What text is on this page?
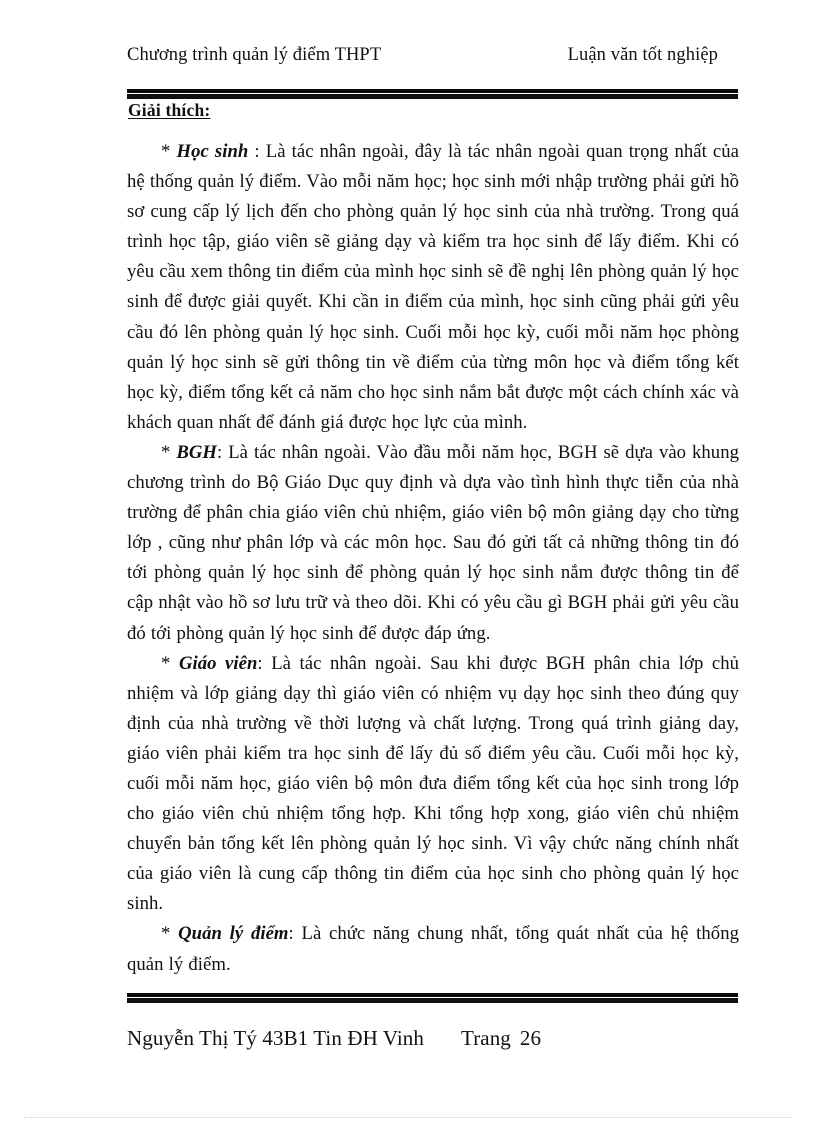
Chương trình quản lý điểm THPT	Luận văn tốt nghiệp
Giải thích:

* Học sinh : Là tác nhân ngoài, đây là tác nhân ngoài quan trọng nhất của hệ thống quản lý điểm. Vào mỗi năm học; học sinh mới nhập trường phải gửi hồ sơ cung cấp lý lịch đến cho phòng quản lý học sinh của nhà trường. Trong quá trình học tập, giáo viên sẽ giảng dạy và kiểm tra học sinh để lấy điểm. Khi có yêu cầu xem thông tin điểm của mình học sinh sẽ đề nghị lên phòng quản lý học sinh để được giải quyết. Khi cần in điểm của mình, học sinh cũng phải gửi yêu cầu đó lên phòng quản lý học sinh. Cuối mỗi học kỳ, cuối mỗi năm học phòng quản lý học sinh sẽ gửi thông tin về điểm của từng môn học và điểm tổng kết học kỳ, điểm tổng kết cả năm cho học sinh nắm bắt được một cách chính xác và khách quan nhất để đánh giá được học lực của mình.

* BGH: Là tác nhân ngoài. Vào đầu mỗi năm học, BGH sẽ dựa vào khung chương trình do Bộ Giáo Dục quy định và dựa vào tình hình thực tiễn của nhà trường để phân chia giáo viên chủ nhiệm, giáo viên bộ môn giảng dạy cho từng lớp , cũng như phân lớp và các môn học. Sau đó gửi tất cả những thông tin đó tới phòng quản lý học sinh để phòng quản lý học sinh nắm được thông tin để cập nhật vào hồ sơ lưu trữ và theo dõi. Khi có yêu cầu gì BGH phải gửi yêu cầu đó tới phòng quản lý học sinh để được đáp ứng.

* Giáo viên: Là tác nhân ngoài. Sau khi được BGH phân chia lớp chủ nhiệm và lớp giảng dạy thì giáo viên có nhiệm vụ dạy học sinh theo đúng quy định của nhà trường về thời lượng và chất lượng. Trong quá trình giảng day, giáo viên phải kiểm tra học sinh để lấy đủ số điểm yêu cầu. Cuối mỗi học kỳ, cuối mỗi năm học, giáo viên bộ môn đưa điểm tổng kết của học sinh trong lớp cho giáo viên chủ nhiệm tổng hợp. Khi tổng hợp xong, giáo viên chủ nhiệm chuyển bản tổng kết lên phòng quản lý học sinh. Vì vậy chức năng chính nhất của giáo viên là cung cấp thông tin điểm của học sinh cho phòng quản lý học sinh.

* Quản lý điểm: Là chức năng chung nhất, tổng quát nhất của hệ thống quản lý điểm.

Nguyễn Thị Tý 43B1 Tin ĐH Vinh	Trang 26
